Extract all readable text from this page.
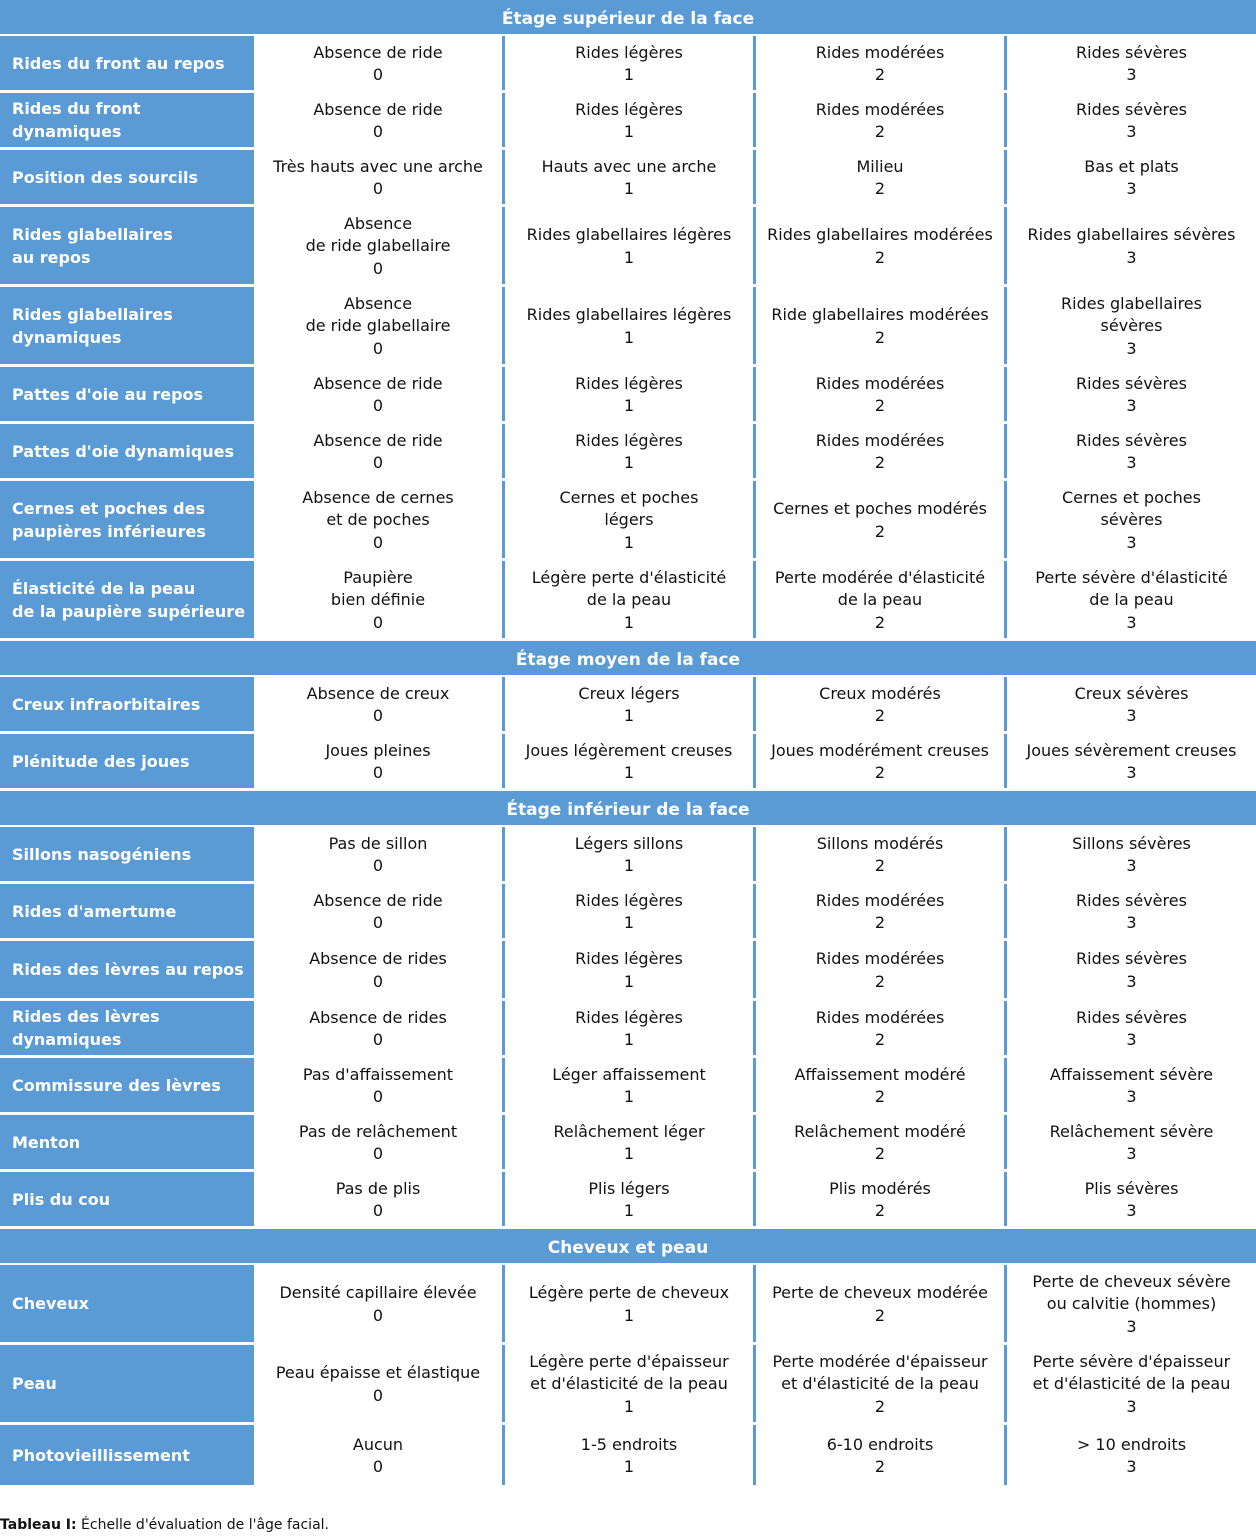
Étage supérieur de la face
Rides du front au repos
Absence de ride
0
Rides légères
1
Rides modérées
2
Rides sévères
3
Rides du front dynamiques
Absence de ride
0
Rides légères
1
Rides modérées
2
Rides sévères
3
Position des sourcils
Très hauts avec une arche
0
Hauts avec une arche
1
Milieu
2
Bas et plats
3
Rides glabellaires
au repos
Absence
de ride glabellaire
0
Rides glabellaires légères
1
Rides glabellaires modérées
2
Rides glabellaires sévères
3
Rides glabellaires
dynamiques
Absence
de ride glabellaire
0
Rides glabellaires légères
1
Ride glabellaires modérées
2
Rides glabellaires
sévères
3
Pattes d'oie au repos
Absence de ride
0
Rides légères
1
Rides modérées
2
Rides sévères
3
Pattes d'oie dynamiques
Absence de ride
0
Rides légères
1
Rides modérées
2
Rides sévères
3
Cernes et poches des
paupières inférieures
Absence de cernes
et de poches
0
Cernes et poches
légers
1
Cernes et poches modérés
2
Cernes et poches
sévères
3
Élasticité de la peau
de la paupière supérieure
Paupière
bien définie
0
Légère perte d'élasticité
de la peau
1
Perte modérée d'élasticité
de la peau
2
Perte sévère d'élasticité
de la peau
3
Étage moyen de la face
Creux infraorbitaires
Absence de creux
0
Creux légers
1
Creux modérés
2
Creux sévères
3
Plénitude des joues
Joues pleines
0
Joues légèrement creuses
1
Joues modérément creuses
2
Joues sévèrement creuses
3
Étage inférieur de la face
Sillons nasogéniens
Pas de sillon
0
Légers sillons
1
Sillons modérés
2
Sillons sévères
3
Rides d'amertume
Absence de ride
0
Rides légères
1
Rides modérées
2
Rides sévères
3
Rides des lèvres au repos
Absence de rides
0
Rides légères
1
Rides modérées
2
Rides sévères
3
Rides des lèvres
dynamiques
Absence de rides
0
Rides légères
1
Rides modérées
2
Rides sévères
3
Commissure des lèvres
Pas d'affaissement
0
Léger affaissement
1
Affaissement modéré
2
Affaissement sévère
3
Menton
Pas de relâchement
0
Relâchement léger
1
Relâchement modéré
2
Relâchement sévère
3
Plis du cou
Pas de plis
0
Plis légers
1
Plis modérés
2
Plis sévères
3
Cheveux et peau
Cheveux
Densité capillaire élevée
0
Légère perte de cheveux
1
Perte de cheveux modérée
2
Perte de cheveux sévère
ou calvitie (hommes)
3
Peau
Peau épaisse et élastique
0
Légère perte d'épaisseur
et d'élasticité de la peau
1
Perte modérée d'épaisseur
et d'élasticité de la peau
2
Perte sévère d'épaisseur
et d'élasticité de la peau
3
Photovieillissement
Aucun
0
1-5 endroits
1
6-10 endroits
2
> 10 endroits
3
Tableau I: Échelle d'évaluation de l'âge facial.
